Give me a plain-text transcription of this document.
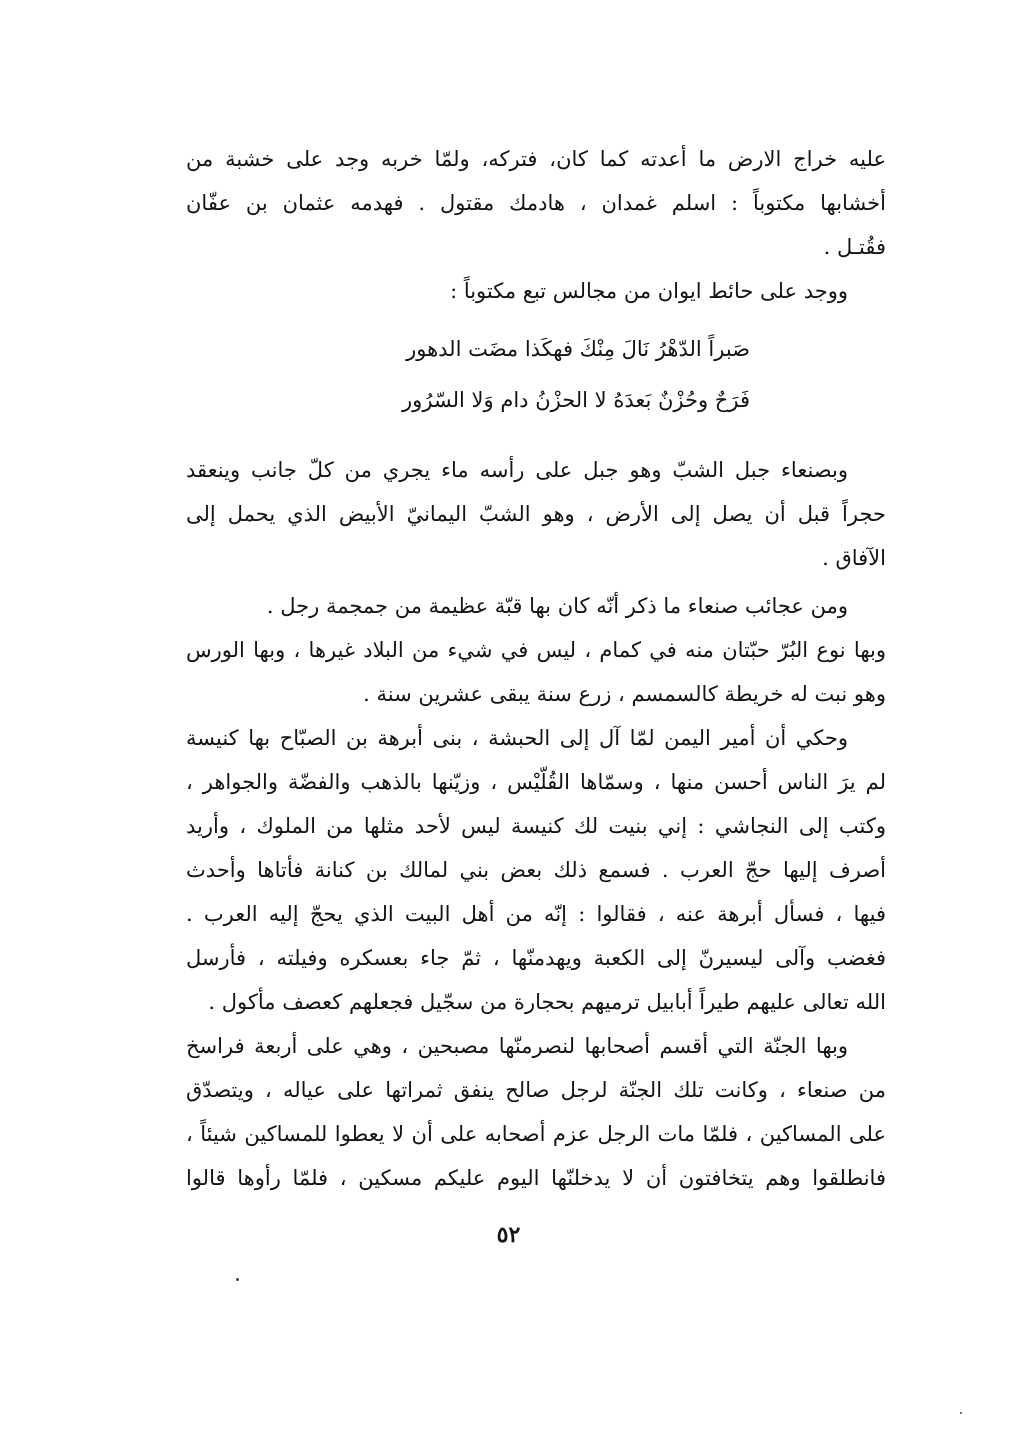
عليه خراج الارض ما أعدته كما كان، فتركه، ولمّا خربه وجد على خشبة من
أخشابها مكتوباً : اسلم غمدان ، هادمك مقتول . فهدمه عثمان بن عفّان
فقُتـل .
ووجد على حائط ايوان من مجالس تبع مكتوباً :
صَبراً الدّهْرُ نَالَ مِنْكَ فهكَذا مضَت الدهور
فَرَحٌ وحُزْنٌ بَعدَهُ لا الحزْنُ دام وَلا السّرُور
وبصنعاء جبل الشبّ وهو جبل على رأسه ماء يجري من كلّ جانب وينعقد
حجراً قبل أن يصل إلى الأرض ، وهو الشبّ اليمانيّ الأبيض الذي يحمل إلى
الآفاق .
ومن عجائب صنعاء ما ذكر أنّه كان بها قبّة عظيمة من جمجمة رجل .
وبها نوع البُرّ حبّتان منه في كمام ، ليس في شيء من البلاد غيرها ، وبها الورس
وهو نبت له خريطة كالسمسم ، زرع سنة يبقى عشرين سنة .
وحكي أن أمير اليمن لمّا آل إلى الحبشة ، بنى أبرهة بن الصبّاح بها كنيسة
لم يرَ الناس أحسن منها ، وسمّاها القُلّيْس ، وزيّنها بالذهب والفضّة والجواهر ،
وكتب إلى النجاشي : إني بنيت لك كنيسة ليس لأحد مثلها من الملوك ، وأريد
أصرف إليها حجّ العرب . فسمع ذلك بعض بني لمالك بن كنانة فأتاها وأحدث
فيها ، فسأل أبرهة عنه ، فقالوا : إنّه من أهل البيت الذي يحجّ إليه العرب .
فغضب وآلى ليسيرنّ إلى الكعبة ويهدمنّها ، ثمّ جاء بعسكره وفيلته ، فأرسل
الله تعالى عليهم طيراً أبابيل ترميهم بحجارة من سجّيل فجعلهم كعصف مأكول .
وبها الجنّة التي أقسم أصحابها لنصرمنّها مصبحين ، وهي على أربعة فراسخ
من صنعاء ، وكانت تلك الجنّة لرجل صالح ينفق ثمراتها على عياله ، ويتصدّق
على المساكين ، فلمّا مات الرجل عزم أصحابه على أن لا يعطوا للمساكين شيئاً ،
فانطلقوا وهم يتخافتون أن لا يدخلنّها اليوم عليكم مسكين ، فلمّا رأوها قالوا
٥٢
